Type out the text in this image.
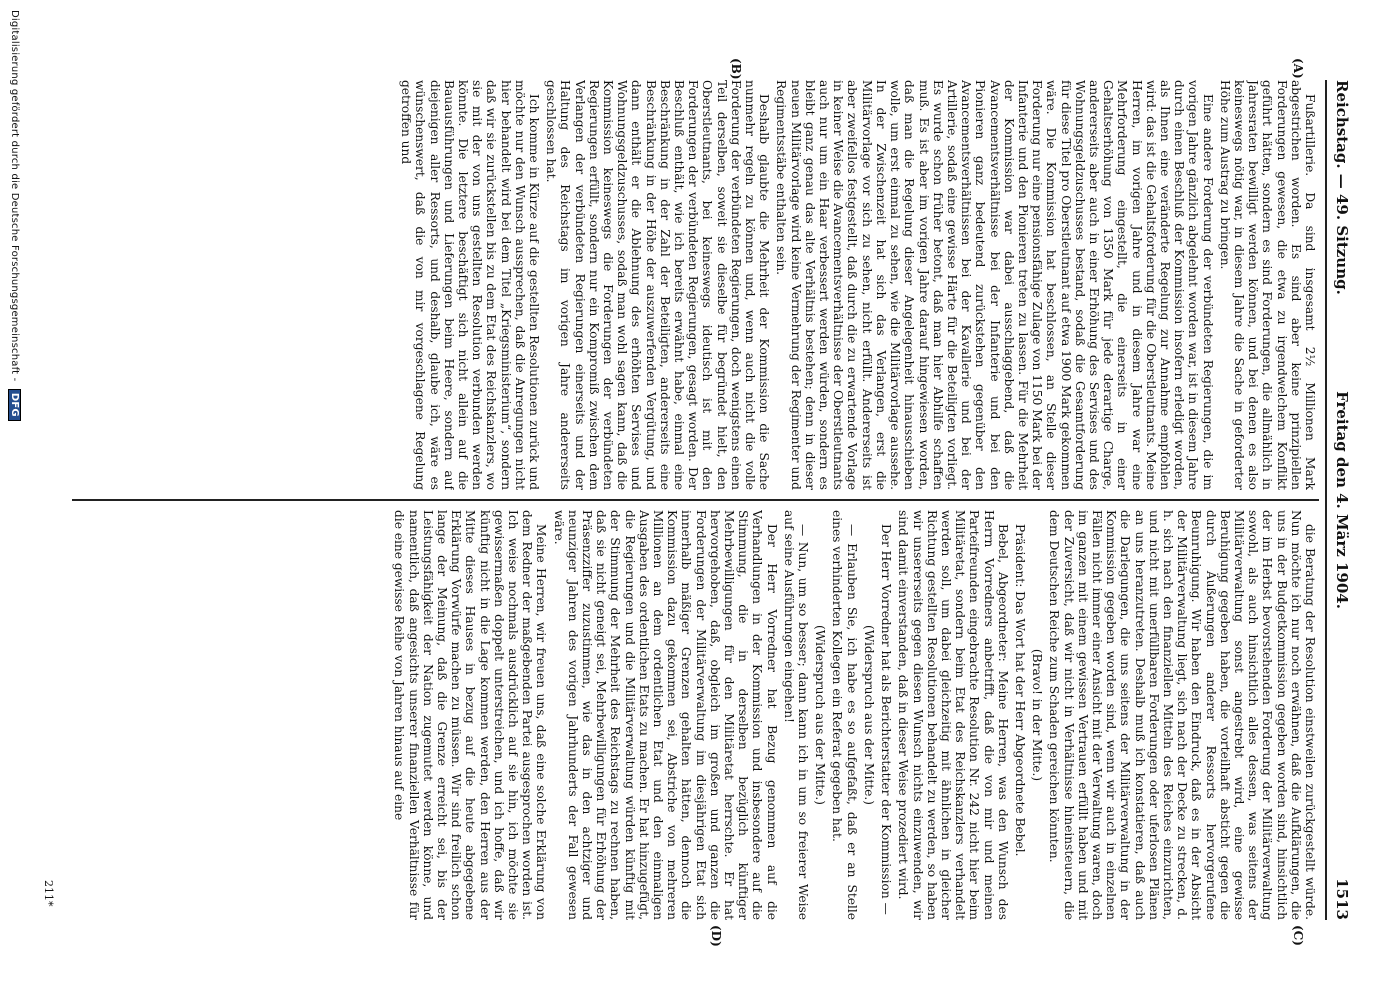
Reichstag. — 49. Sitzung.
Freitag den 4. März 1904.
1513
(A)
(B)
(C)
(D)

Fußartillerie. Da sind insgesamt 2½ Millionen Mark abgestrichen worden. Es sind aber keine prinzipiellen Forderungen gewesen, die etwa zu irgendwelchem Konflikt geführt hätten, sondern es sind Forderungen, die allmählich in Jahresraten bewilligt werden können, und bei denen es also keineswegs nötig war, in diesem Jahre die Sache in geforderter Höhe zum Austrag zu bringen.

Eine andere Forderung der verbündeten Regierungen, die im vorigen Jahre gänzlich abgelehnt worden war, ist in diesem Jahre durch einen Beschluß der Kommission insofern erledigt worden, als Ihnen eine veränderte Regelung zur Annahme empfohlen wird: das ist die Gehaltsforderung für die Oberstleutnants. Meine Herren, im vorigen Jahre und in diesem Jahre war eine Mehrforderung eingestellt, die einerseits in einer Gehaltserhöhung von 1350 Mark für jede derartige Charge, andererseits aber auch in einer Erhöhung des Servises und des Wohnungsgeldzuschusses bestand, sodaß die Gesamtforderung für diese Titel pro Oberstleutnant auf etwa 1900 Mark gekommen wäre. Die Kommission hat beschlossen, an Stelle dieser Forderung nur eine pensionsfähige Zulage von 1150 Mark bei der Infanterie und den Pionieren treten zu lassen. Für die Mehrheit der Kommission war dabei ausschlaggebend, daß die Avancementsverhältnisse bei der Infanterie und bei den Pionieren ganz bedeutend zurückstehen gegenüber den Avancementsverhältnissen bei der Kavallerie und bei der Artillerie, sodaß eine gewisse Härte für die Beteiligten vorliegt. Es wurde schon früher betont, daß man hier Abhilfe schaffen muß. Es ist aber im vorigen Jahre darauf hingewiesen worden, daß man die Regelung dieser Angelegenheit hinausschieben wolle, um erst einmal zu sehen, wie die Militärvorlage aussehe. In der Zwischenzeit hat sich das Verlangen, erst die Militärvorlage vor sich zu sehen, nicht erfüllt. Andererseits ist aber zweifellos festgestellt, daß durch die zu erwartende Vorlage in keiner Weise die Avancementsverhältnisse der Oberstleutnants auch nur um ein Haar verbessert werden würden, sondern es bleibt ganz genau das alte Verhältnis bestehen; denn in dieser neuen Militärvorlage wird keine Vermehrung der Regimenter und Regimentsstäbe enthalten sein.

Deshalb glaubte die Mehrheit der Kommission die Sache nunmehr regeln zu können und, wenn auch nicht die volle Forderung der verbündeten Regierungen, doch wenigstens einen Teil derselben, soweit sie dieselbe für begründet hielt, den Oberstleutnants, bei keineswegs ideutisch ist mit den Forderungen der verbündeten Regierungen, gesagt worden. Der Beschluß enthält, wie ich bereits erwähnt habe, einmal eine Beschränkung in der Zahl der Beteiligten, andererseits eine Beschränkung in der Höhe der auszuwerfenden Vergütung, und dann enthält er die Ablehnung des erhöhten Servises und Wohnungsgeldzuschusses, sodaß man wohl sagen kann, daß die Kommission keineswegs die Forderungen der verbündeten Regierungen erfüllt, sondern nur ein Kompromiß zwischen dem Verlangen der verbündeten Regierungen einerseits und der Haltung des Reichstags im vorigen Jahre andererseits geschlossen hat.

Ich komme in Kürze auf die gestellten Resolutionen zurück und möchte nur den Wunsch aussprechen, daß die Anregungen nicht hier behandelt wird bei dem Titel „Kriegsministerium“, sondern daß wir sie zurückstellen bis zu dem Etat des Reichskanzlers, wo sie mit der von uns gestellten Resolution verbunden werden könnte. Die letztere beschäftigt sich nicht allein auf die Bauausführungen und Lieferungen beim Heere, sondern auf diejenigen aller Ressorts, und deshalb, glaube ich, wäre es wünschenswert, daß die von mir vorgeschlagene Regelung getroffen und

die Beratung der Resolution einstweilen zurückgestellt würde. Nun möchte ich nur noch erwähnen, daß die Aufklärungen, die uns in der Budgetkommission gegeben worden sind, hinsichtlich der im Herbst bevorstehenden Forderung der Militärverwaltung sowohl, als auch hinsichtlich alles dessen, was seitens der Militärverwaltung sonst angestrebt wird, eine gewisse Beruhigung gegeben haben, die vorteilhaft absticht gegen die durch Äußerungen anderer Ressorts hervorgerufene Beunruhigung. Wir haben den Eindruck, daß es in der Absicht der Militärverwaltung liegt, sich nach der Decke zu strecken, d. h. sich nach den finanziellen Mitteln des Reiches einzurichten, und nicht mit unerfüllbaren Forderungen oder uferlosen Plänen an uns heranzutreten. Deshalb muß ich konstatieren, daß auch die Darlegungen, die uns seitens der Militärverwaltung in der Kommission gegeben worden sind, wenn wir auch in einzelnen Fällen nicht immer einer Ansicht mit der Verwaltung waren, doch im ganzen mit einem gewissen Vertrauen erfüllt haben und mit der Zuversicht, daß wir nicht in Verhältnisse hineinsteuern, die dem Deutschen Reiche zum Schaden gereichen könnten.

(Bravo! in der Mitte.)

Präsident: Das Wort hat der Herr Abgeordnete Bebel.

Bebel, Abgeordneter: Meine Herren, was den Wunsch des Herrn Vorredners anbetrifft, daß die von mir und meinen Parteifreunden eingebrachte Resolution Nr. 242 nicht hier beim Militäretat, sondern beim Etat des Reichskanzlers verhandelt werden soll, um dabei gleichzeitig mit ähnlichen in gleicher Richtung gestellten Resolutionen behandelt zu werden, so haben wir unsererseits gegen diesen Wunsch nichts einzuwenden, wir sind damit einverstanden, daß in dieser Weise prozediert wird.

Der Herr Vorredner hat als Berichterstatter der Kommission —

(Widerspruch aus der Mitte.)

— Erlauben Sie, ich habe es so aufgefaßt, daß er an Stelle eines verhinderten Kollegen ein Referat gegeben hat.

(Widerspruch aus der Mitte.)

— Nun, um so besser; dann kann ich in um so freierer Weise auf seine Ausführungen eingehen!

Der Herr Vorredner hat Bezug genommen auf die Verhandlungen in der Kommission und insbesondere auf die Stimmung, die in derselben bezüglich künftiger Mehrbewilligungen für den Militäretat herrschte. Er hat hervorgehoben, daß, obgleich im großen und ganzen die Forderungen der Militärverwaltung im diesjährigen Etat sich innerhalb mäßiger Grenzen gehalten hätten, dennoch die Kommission dazu gekommen sei, Abstriche von mehreren Millionen an dem ordentlichen Etat und den einmaligen Ausgaben des ordentlichen Etats zu machen. Er hat hinzugefügt, die Regierungen und die Militärverwaltung würden künftig mit der Stimmung der Mehrheit des Reichstags zu rechnen haben, daß sie nicht geneigt sei, Mehrbewilligungen für Erhöhung der Präsenzziffer zuzustimmen, wie das in den achtziger und neunziger Jahren des vorigen Jahrhunderts der Fall gewesen wäre.

Meine Herren, wir freuen uns, daß eine solche Erklärung von dem Redner der maßgebenden Partei ausgesprochen worden ist. Ich weise nochmals ausdrücklich auf sie hin, ich möchte sie gewissermaßen doppelt unterstreichen, und ich hoffe, daß wir künftig nicht in die Lage kommen werden, den Herren aus der Mitte dieses Hauses in bezug auf die heute abgegebene Erklärung Vorwürfe machen zu müssen. Wir sind freilich schon lange der Meinung, daß die Grenze erreicht sei, bis der Leistungsfähigkeit der Nation zugemutet werden könne, und namentlich, daß angesichts unserer finanziellen Verhältnisse für die eine gewisse Reihe von Jahren hinaus auf eine

211*
Digitalisierung gefördert durch die Deutsche Forschungsgemeinschaft - DFG
